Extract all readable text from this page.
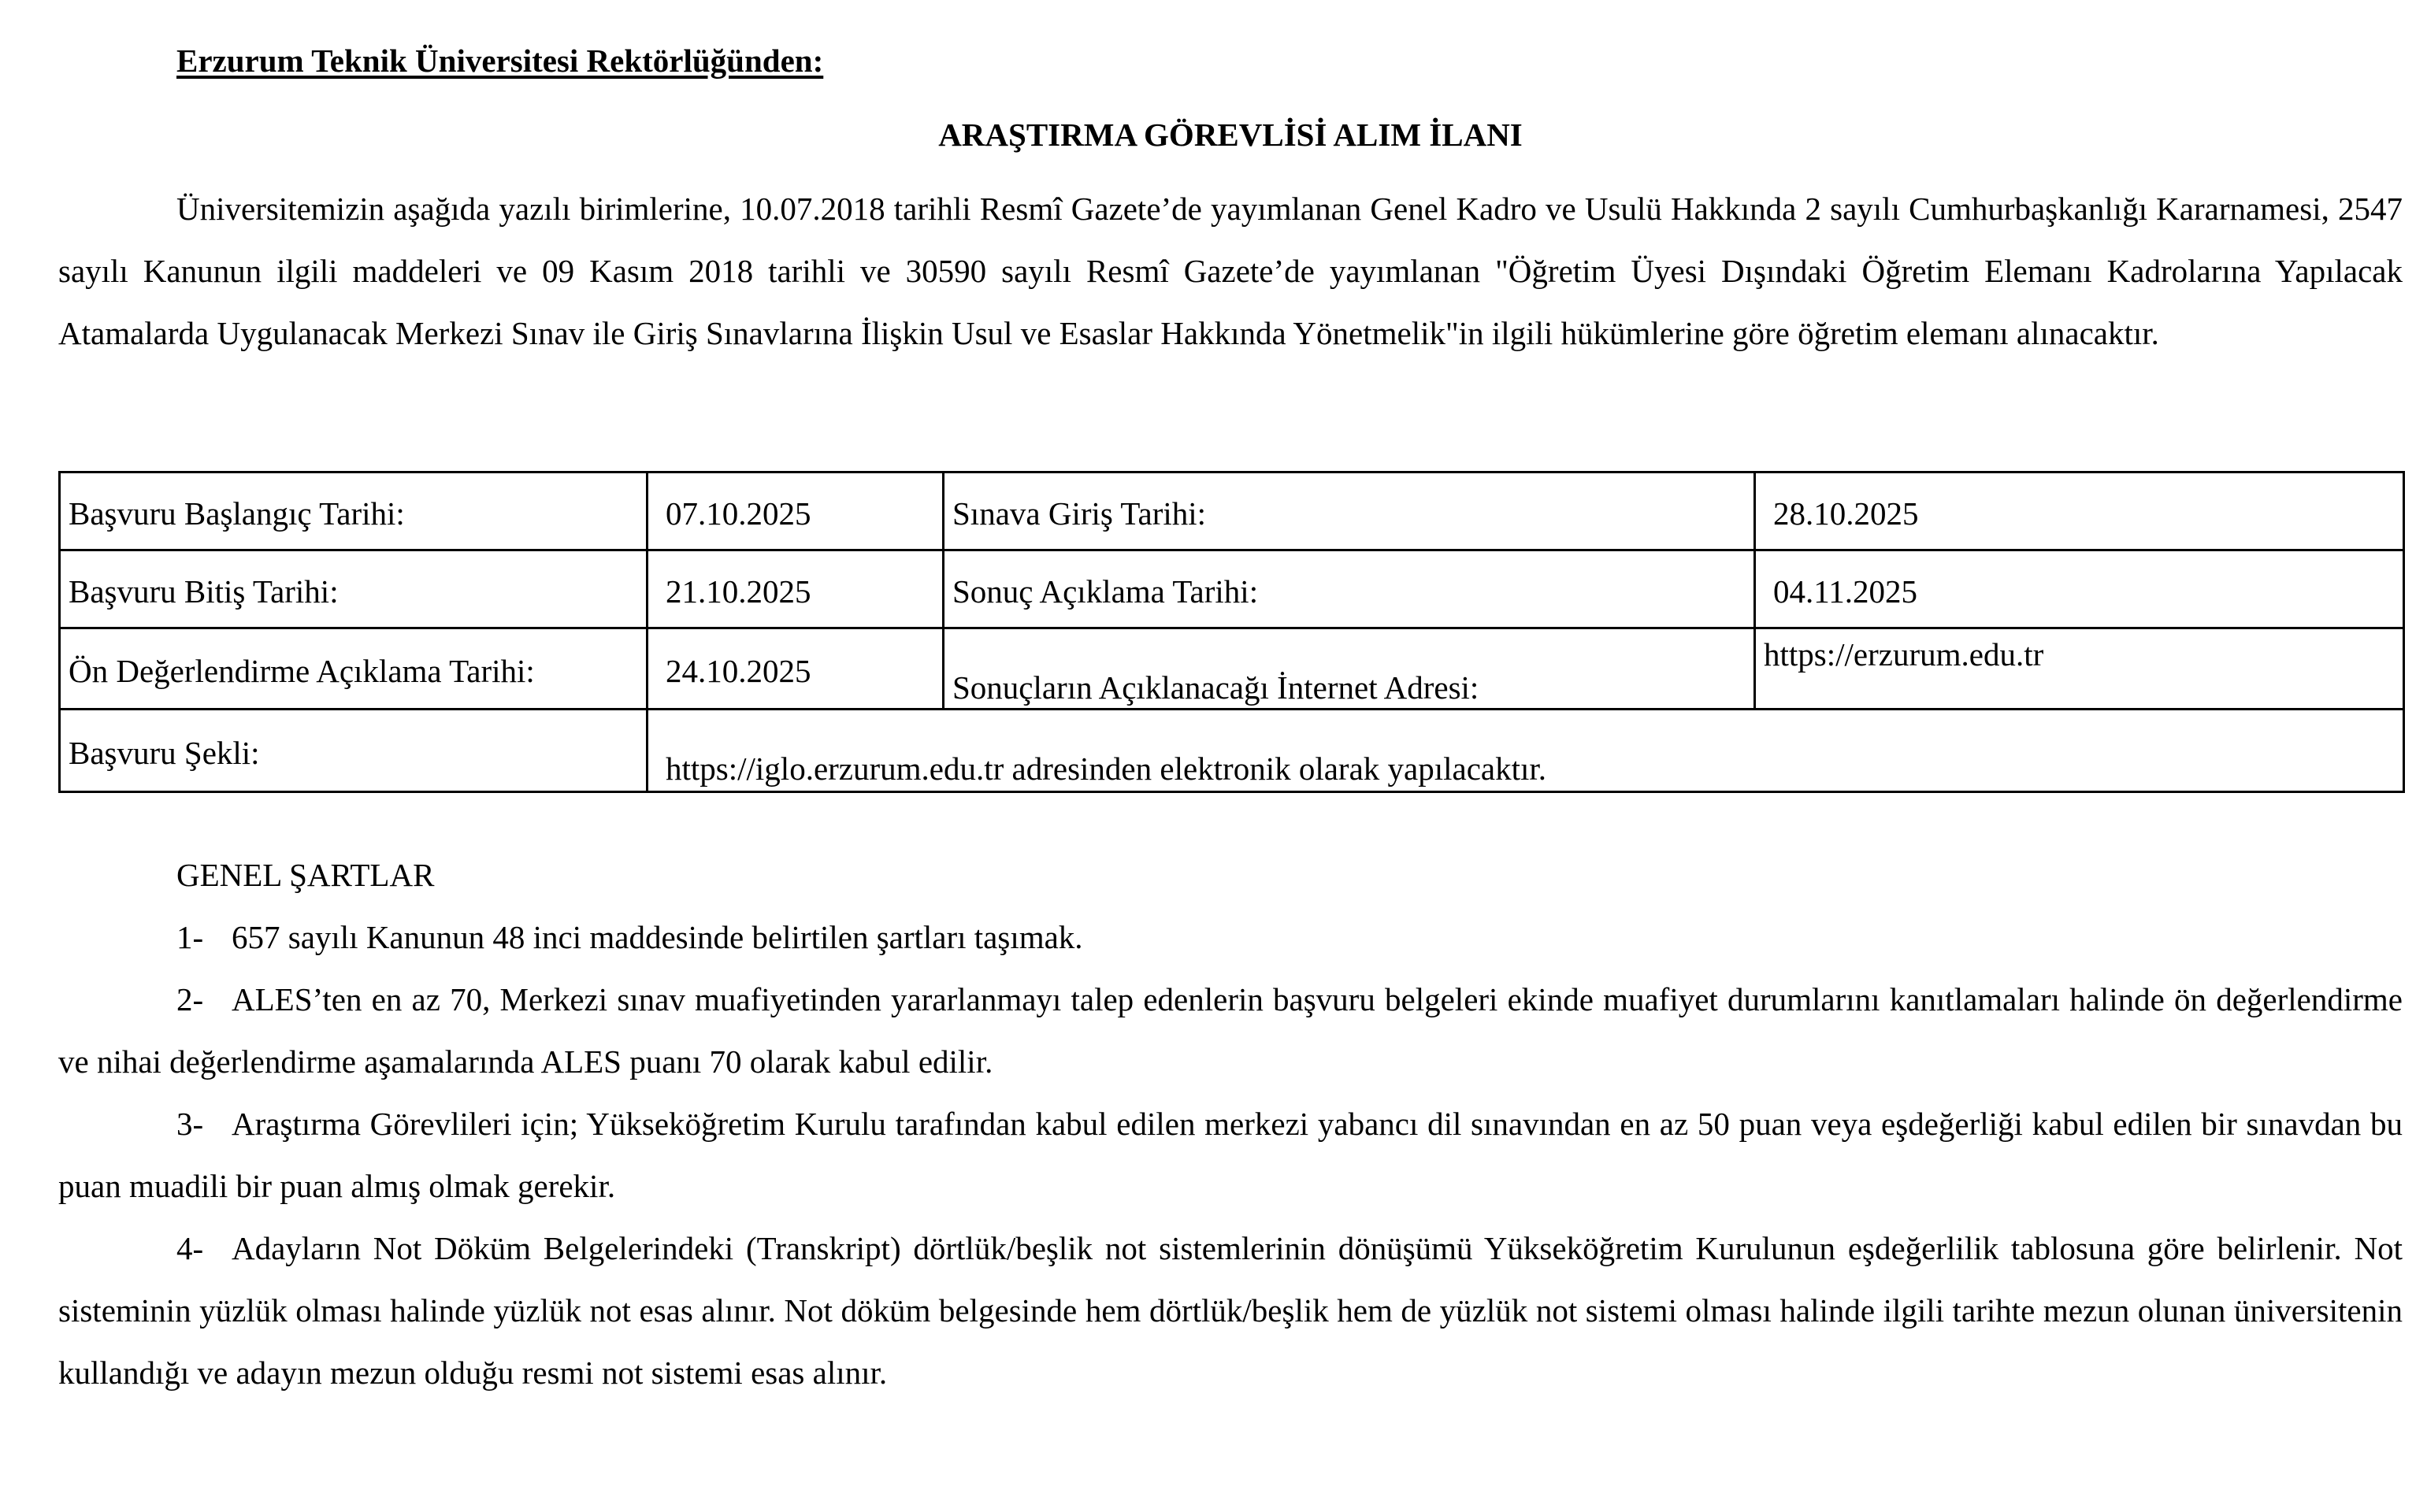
Erzurum Teknik Üniversitesi Rektörlüğünden:

ARAŞTIRMA GÖREVLİSİ ALIM İLANI

Üniversitemizin aşağıda yazılı birimlerine, 10.07.2018 tarihli Resmî Gazete’de yayımlanan Genel Kadro ve Usulü Hakkında 2 sayılı Cumhurbaşkanlığı Kararnamesi, 2547 sayılı Kanunun ilgili maddeleri ve 09 Kasım 2018 tarihli ve 30590 sayılı Resmî Gazete’de yayımlanan "Öğretim Üyesi Dışındaki Öğretim Elemanı Kadrolarına Yapılacak Atamalarda Uygulanacak Merkezi Sınav ile Giriş Sınavlarına İlişkin Usul ve Esaslar Hakkında Yönetmelik"in ilgili hükümlerine göre öğretim elemanı alınacaktır.

Başvuru Başlangıç Tarihi:	07.10.2025	Sınava Giriş Tarihi:	28.10.2025
Başvuru Bitiş Tarihi:	21.10.2025	Sonuç Açıklama Tarihi:	04.11.2025
Ön Değerlendirme Açıklama Tarihi:	24.10.2025	Sonuçların Açıklanacağı İnternet Adresi:	https://erzurum.edu.tr
Başvuru Şekli:	https://iglo.erzurum.edu.tr adresinden elektronik olarak yapılacaktır.		

GENEL ŞARTLAR

1- 657 sayılı Kanunun 48 inci maddesinde belirtilen şartları taşımak.

2- ALES’ten en az 70, Merkezi sınav muafiyetinden yararlanmayı talep edenlerin başvuru belgeleri ekinde muafiyet durumlarını kanıtlamaları halinde ön değerlendirme ve nihai değerlendirme aşamalarında ALES puanı 70 olarak kabul edilir.

3- Araştırma Görevlileri için; Yükseköğretim Kurulu tarafından kabul edilen merkezi yabancı dil sınavından en az 50 puan veya eşdeğerliği kabul edilen bir sınavdan bu puan muadili bir puan almış olmak gerekir.

4- Adayların Not Döküm Belgelerindeki (Transkript) dörtlük/beşlik not sistemlerinin dönüşümü Yükseköğretim Kurulunun eşdeğerlilik tablosuna göre belirlenir. Not sisteminin yüzlük olması halinde yüzlük not esas alınır. Not döküm belgesinde hem dörtlük/beşlik hem de yüzlük not sistemi olması halinde ilgili tarihte mezun olunan üniversitenin kullandığı ve adayın mezun olduğu resmi not sistemi esas alınır.
